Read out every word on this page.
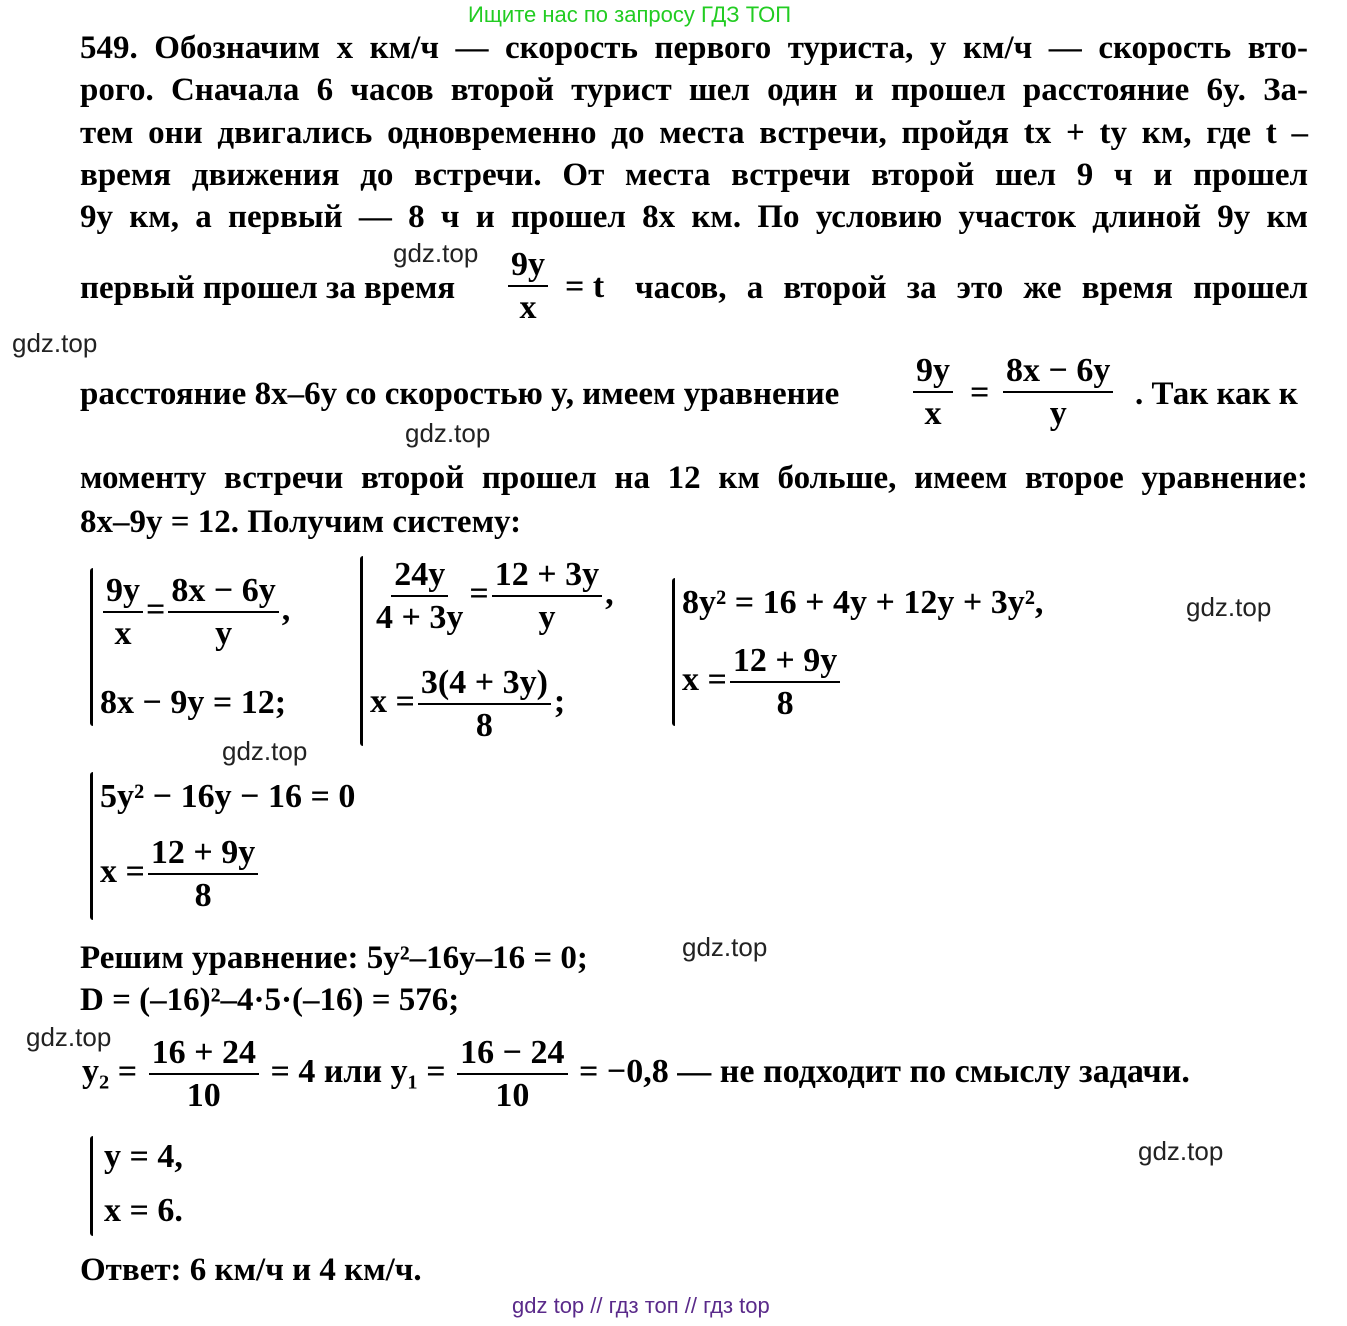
Ищите нас по запросу ГДЗ ТОП
549. Обозначим x км/ч — скорость первого туриста, y км/ч — скорость вто-
рого. Сначала 6 часов второй турист шел один и прошел расстояние 6y. За-
тем они двигались одновременно до места встречи, пройдя tx + ty км, где t –
время движения до встречи. От места встречи второй шел 9 ч и прошел
9y км, а первый — 8 ч и прошел 8x км. По условию участок длиной 9y км
первый прошел за время $\frac{9y}{x} = t$ часов, а второй за это же время прошел
расстояние 8x–6y со скоростью y, имеем уравнение $\frac{9y}{x} = \frac{8x - 6y}{y}$ . Так как к
моменту встречи второй прошел на 12 км больше, имеем второе уравнение:
8x–9y = 12. Получим систему:
$\frac{9y}{x} = \frac{8x - 6y}{y}$ ,
8x − 9y = 12;
$\frac{24y}{4 + 3y} = \frac{12 + 3y}{y}$ ,
$x = \frac{3(4 + 3y)}{8}$ ;
8y² = 16 + 4y + 12y + 3y²,
$x = \frac{12 + 9y}{8}$
5y² − 16y − 16 = 0
$x = \frac{12 + 9y}{8}$
Решим уравнение: 5y²–16y–16 = 0;
D = (–16)²–4·5·(–16) = 576;
$y_2 = \frac{16 + 24}{10} = 4$ или $y_1 = \frac{16 - 24}{10} = -0,8$ — не подходит по смыслу задачи.
y = 4,
x = 6.
Ответ: 6 км/ч и 4 км/ч.
gdz.top
gdz.top
gdz.top
gdz.top
gdz.top
gdz.top
gdz.top
gdz.top
gdz top // гдз топ // гдз top
